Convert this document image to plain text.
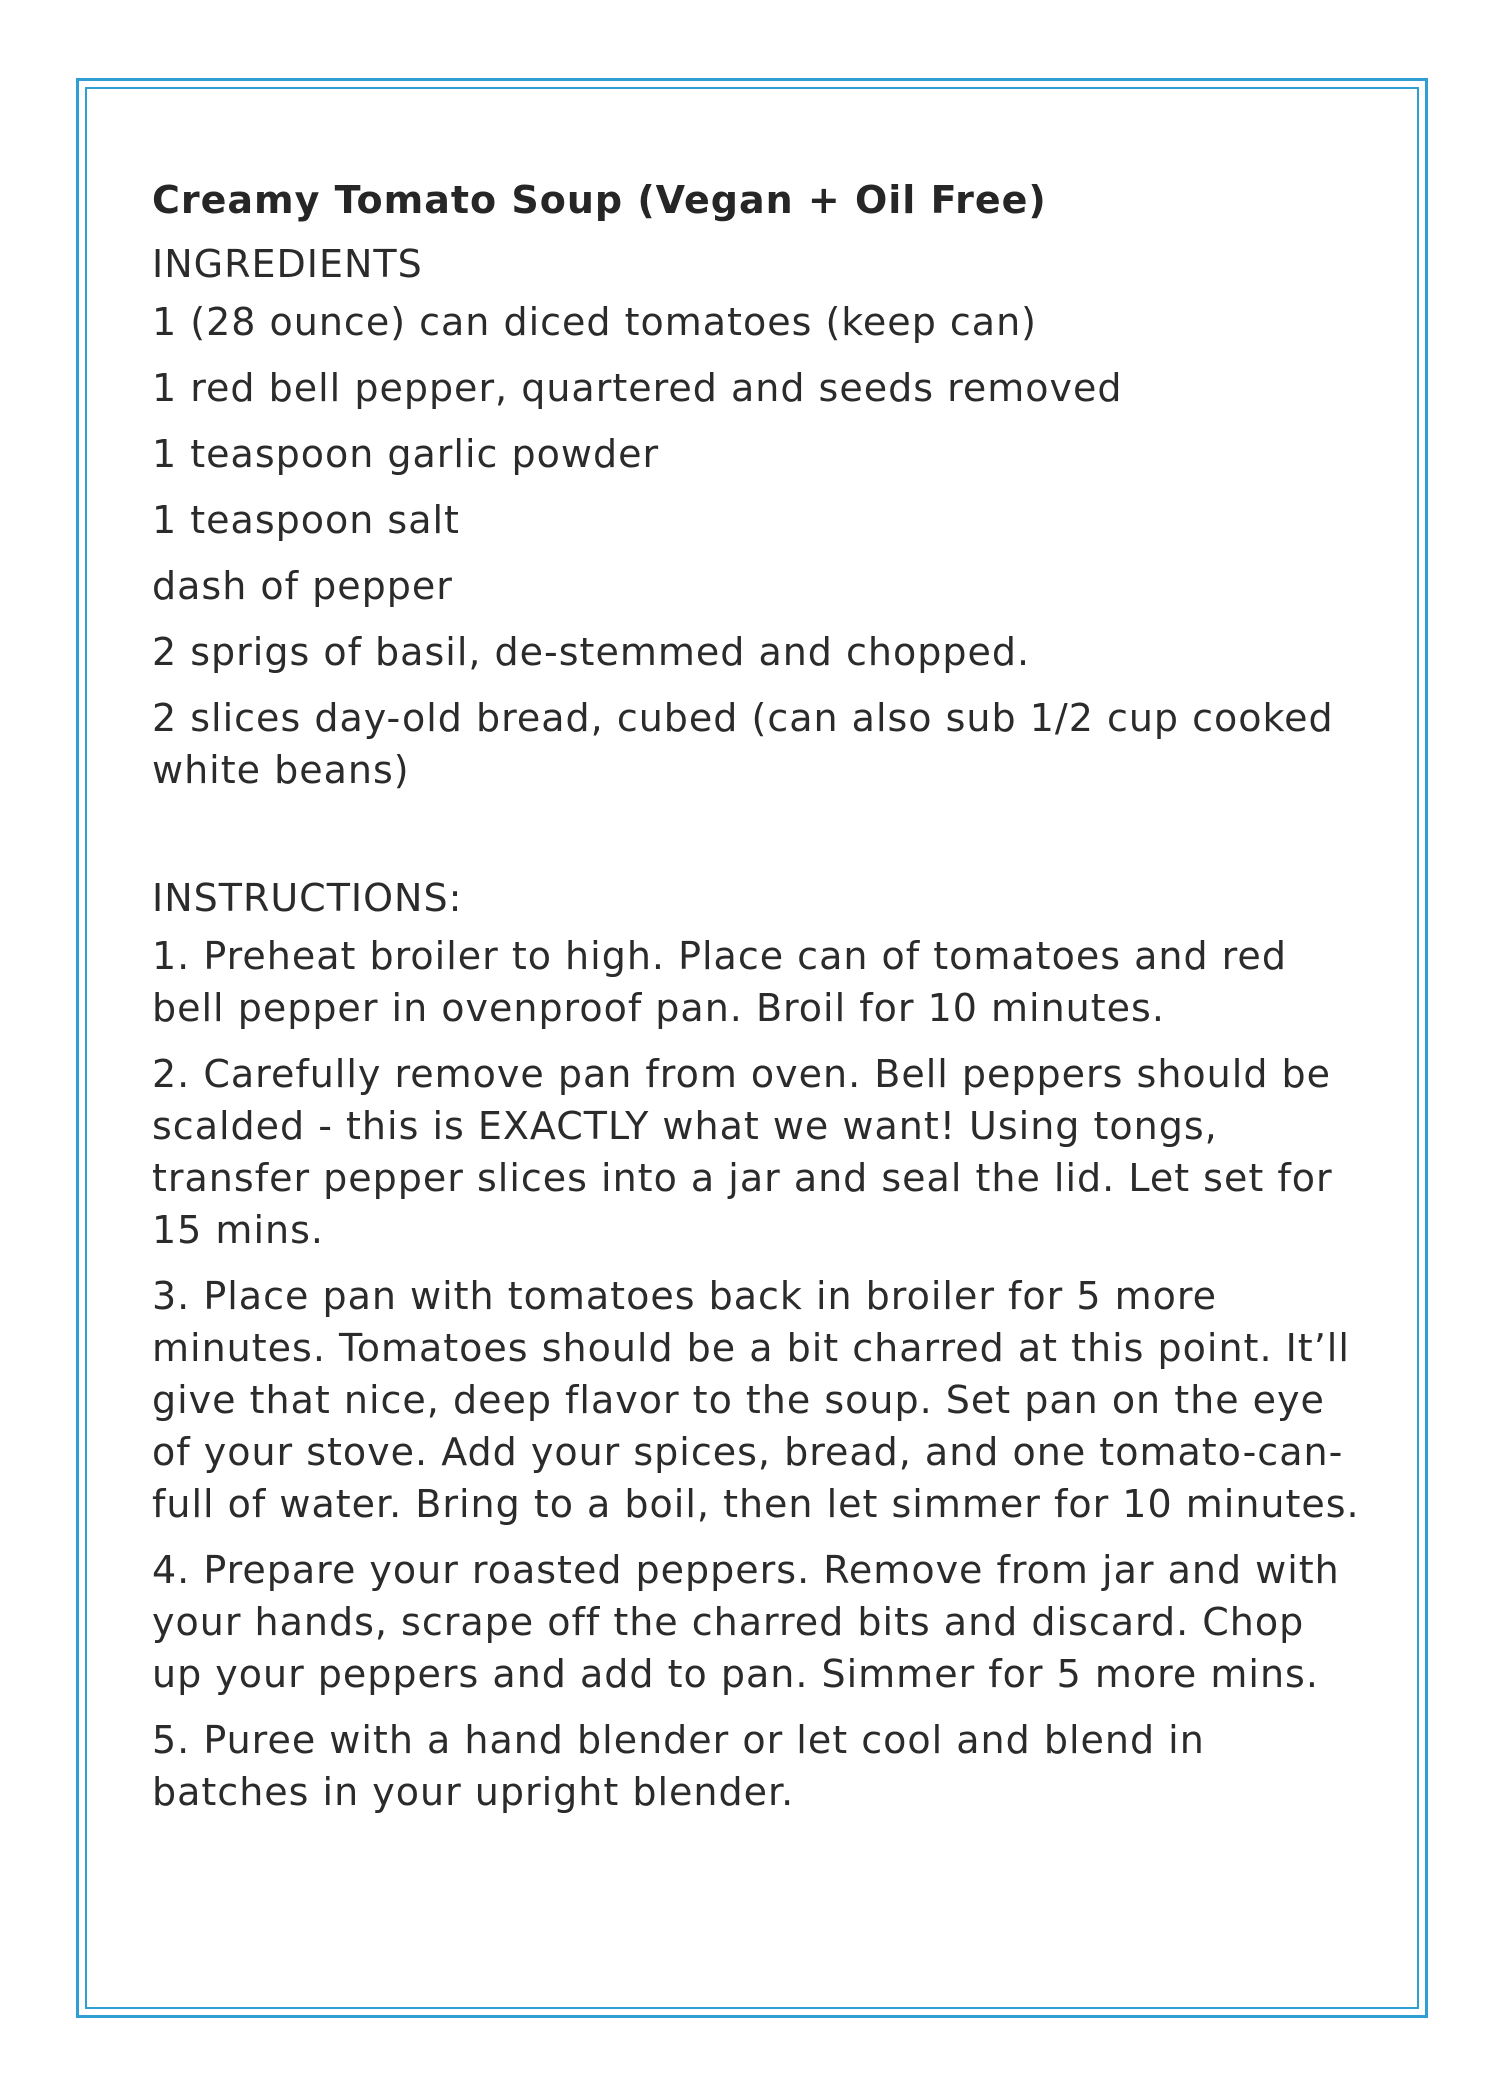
Creamy Tomato Soup (Vegan + Oil Free)

INGREDIENTS

1 (28 ounce) can diced tomatoes (keep can)

1 red bell pepper, quartered and seeds removed

1 teaspoon garlic powder

1 teaspoon salt

dash of pepper

2 sprigs of basil, de-stemmed and chopped.

2 slices day-old bread, cubed (can also sub 1/2 cup cooked white beans)

INSTRUCTIONS:

1. Preheat broiler to high. Place can of tomatoes and red bell pepper in ovenproof pan. Broil for 10 minutes.

2. Carefully remove pan from oven. Bell peppers should be scalded - this is EXACTLY what we want! Using tongs, transfer pepper slices into a jar and seal the lid. Let set for 15 mins.

3. Place pan with tomatoes back in broiler for 5 more minutes. Tomatoes should be a bit charred at this point. It’ll give that nice, deep flavor to the soup. Set pan on the eye of your stove. Add your spices, bread, and one tomato-can-full of water. Bring to a boil, then let simmer for 10 minutes.

4. Prepare your roasted peppers. Remove from jar and with your hands, scrape off the charred bits and discard. Chop up your peppers and add to pan. Simmer for 5 more mins.

5. Puree with a hand blender or let cool and blend in batches in your upright blender.
